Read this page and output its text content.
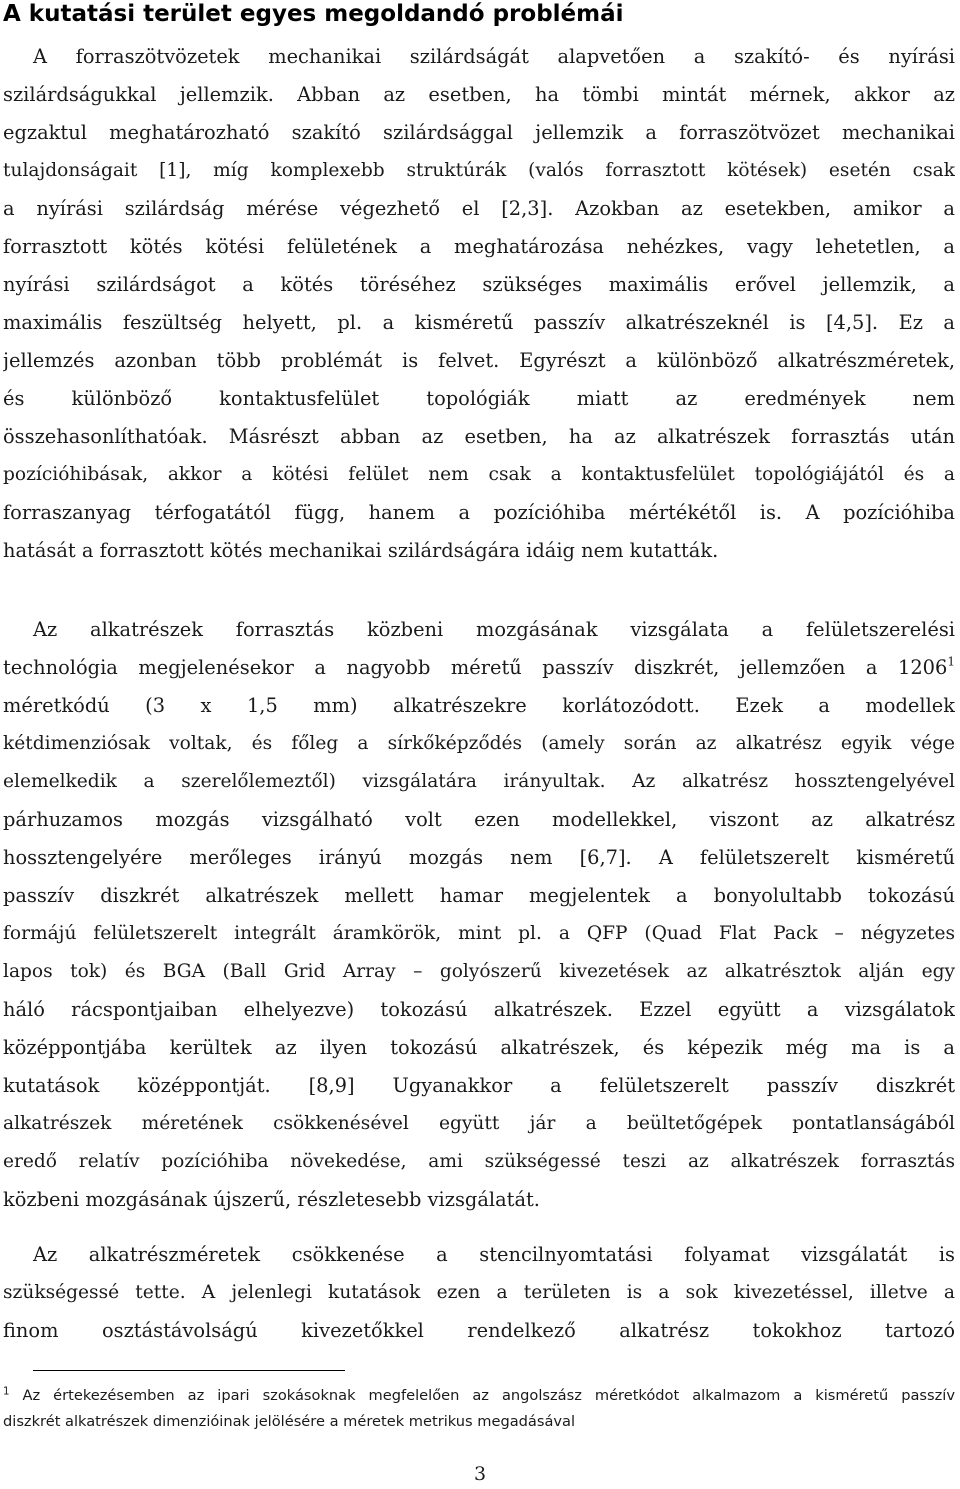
A kutatási terület egyes megoldandó problémái
A forraszötvözetek mechanikai szilárdságát alapvetően a szakító- és nyírási
szilárdságukkal jellemzik. Abban az esetben, ha tömbi mintát mérnek, akkor az
egzaktul meghatározható szakító szilárdsággal jellemzik a forraszötvözet mechanikai
tulajdonságait [1], míg komplexebb struktúrák (valós forrasztott kötések) esetén csak
a nyírási szilárdság mérése végezhető el [2,3]. Azokban az esetekben, amikor a
forrasztott kötés kötési felületének a meghatározása nehézkes, vagy lehetetlen, a
nyírási szilárdságot a kötés töréséhez szükséges maximális erővel jellemzik, a
maximális feszültség helyett, pl. a kisméretű passzív alkatrészeknél is [4,5]. Ez a
jellemzés azonban több problémát is felvet. Egyrészt a különböző alkatrészméretek,
és különböző kontaktusfelület topológiák miatt az eredmények nem
összehasonlíthatóak. Másrészt abban az esetben, ha az alkatrészek forrasztás után
pozícióhibásak, akkor a kötési felület nem csak a kontaktusfelület topológiájától és a
forraszanyag térfogatától függ, hanem a pozícióhiba mértékétől is. A pozícióhiba
hatását a forrasztott kötés mechanikai szilárdságára idáig nem kutatták.
Az alkatrészek forrasztás közbeni mozgásának vizsgálata a felületszerelési
technológia megjelenésekor a nagyobb méretű passzív diszkrét, jellemzően a 1206$^1$
méretkódú (3 x 1,5 mm) alkatrészekre korlátozódott. Ezek a modellek
kétdimenziósak voltak, és főleg a sírkőképződés (amely során az alkatrész egyik vége
elemelkedik a szerelőlemeztől) vizsgálatára irányultak. Az alkatrész hossztengelyével
párhuzamos mozgás vizsgálható volt ezen modellekkel, viszont az alkatrész
hossztengelyére merőleges irányú mozgás nem [6,7]. A felületszerelt kisméretű
passzív diszkrét alkatrészek mellett hamar megjelentek a bonyolultabb tokozású
formájú felületszerelt integrált áramkörök, mint pl. a QFP (Quad Flat Pack – négyzetes
lapos tok) és BGA (Ball Grid Array – golyószerű kivezetések az alkatrésztok alján egy
háló rácspontjaiban elhelyezve) tokozású alkatrészek. Ezzel együtt a vizsgálatok
középpontjába kerültek az ilyen tokozású alkatrészek, és képezik még ma is a
kutatások középpontját. [8,9] Ugyanakkor a felületszerelt passzív diszkrét
alkatrészek méretének csökkenésével együtt jár a beültetőgépek pontatlanságából
eredő relatív pozícióhiba növekedése, ami szükségessé teszi az alkatrészek forrasztás
közbeni mozgásának újszerű, részletesebb vizsgálatát.
Az alkatrészméretek csökkenése a stencilnyomtatási folyamat vizsgálatát is
szükségessé tette. A jelenlegi kutatások ezen a területen is a sok kivezetéssel, illetve a
finom osztástávolságú kivezetőkkel rendelkező alkatrész tokokhoz tartozó
$^1$ Az értekezésemben az ipari szokásoknak megfelelően az angolszász méretkódot alkalmazom a kisméretű passzív
diszkrét alkatrészek dimenzióinak jelölésére a méretek metrikus megadásával
3
